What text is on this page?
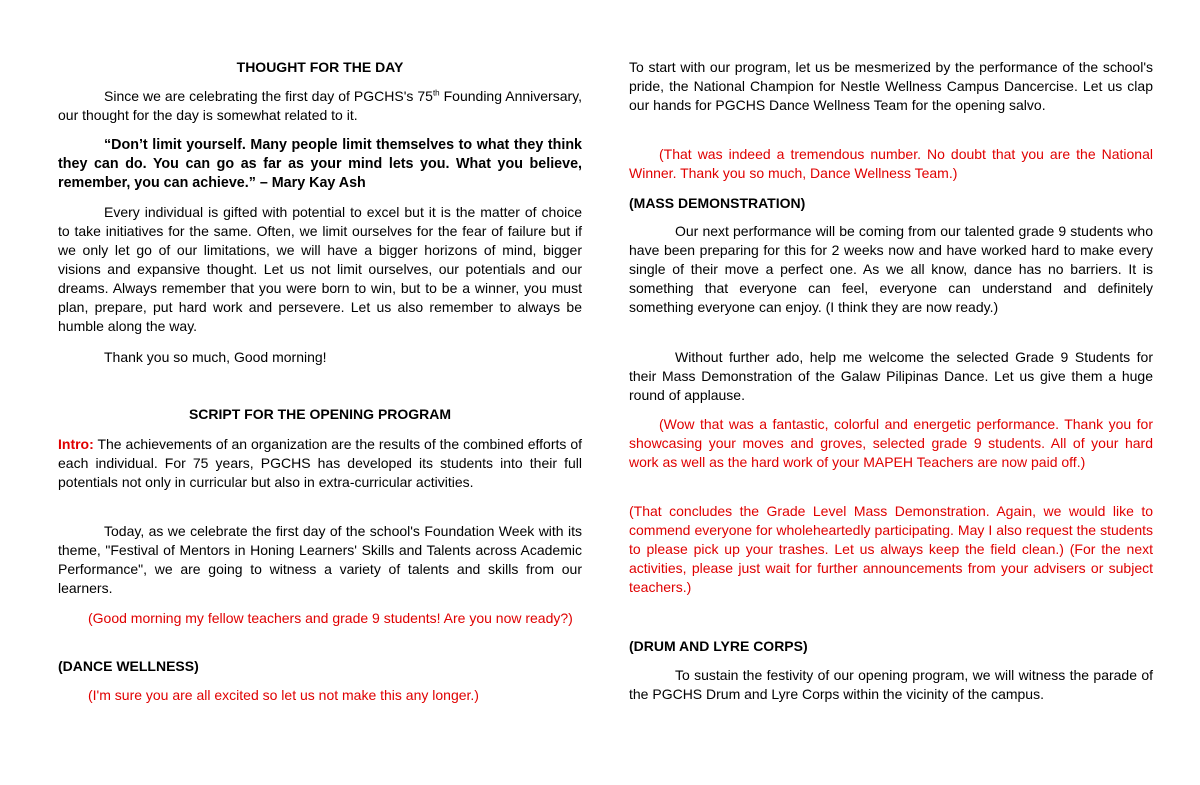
THOUGHT FOR THE DAY

Since we are celebrating the first day of PGCHS's 75th Founding Anniversary, our thought for the day is somewhat related to it.

“Don’t limit yourself. Many people limit themselves to what they think they can do. You can go as far as your mind lets you. What you believe, remember, you can achieve.” – Mary Kay Ash

Every individual is gifted with potential to excel but it is the matter of choice to take initiatives for the same. Often, we limit ourselves for the fear of failure but if we only let go of our limitations, we will have a bigger horizons of mind, bigger visions and expansive thought. Let us not limit ourselves, our potentials and our dreams. Always remember that you were born to win, but to be a winner, you must plan, prepare, put hard work and persevere. Let us also remember to always be humble along the way.

Thank you so much, Good morning!

SCRIPT FOR THE OPENING PROGRAM

Intro: The achievements of an organization are the results of the combined efforts of each individual. For 75 years, PGCHS has developed its students into their full potentials not only in curricular but also in extra-curricular activities.

Today, as we celebrate the first day of the school's Foundation Week with its theme, "Festival of Mentors in Honing Learners' Skills and Talents across Academic Performance", we are going to witness a variety of talents and skills from our learners.

(Good morning my fellow teachers and grade 9 students! Are you now ready?)

(DANCE WELLNESS)

(I'm sure you are all excited so let us not make this any longer.)

To start with our program, let us be mesmerized by the performance of the school's pride, the National Champion for Nestle Wellness Campus Dancercise. Let us clap our hands for PGCHS Dance Wellness Team for the opening salvo.

(That was indeed a tremendous number. No doubt that you are the National Winner. Thank you so much, Dance Wellness Team.)

(MASS DEMONSTRATION)

Our next performance will be coming from our talented grade 9 students who have been preparing for this for 2 weeks now and have worked hard to make every single of their move a perfect one. As we all know, dance has no barriers. It is something that everyone can feel, everyone can understand and definitely something everyone can enjoy. (I think they are now ready.)

Without further ado, help me welcome the selected Grade 9 Students for their Mass Demonstration of the Galaw Pilipinas Dance. Let us give them a huge round of applause.

(Wow that was a fantastic, colorful and energetic performance. Thank you for showcasing your moves and groves, selected grade 9 students. All of your hard work as well as the hard work of your MAPEH Teachers are now paid off.)

(That concludes the Grade Level Mass Demonstration. Again, we would like to commend everyone for wholeheartedly participating. May I also request the students to please pick up your trashes. Let us always keep the field clean.) (For the next activities, please just wait for further announcements from your advisers or subject teachers.)

(DRUM AND LYRE CORPS)

To sustain the festivity of our opening program, we will witness the parade of the PGCHS Drum and Lyre Corps within the vicinity of the campus.
